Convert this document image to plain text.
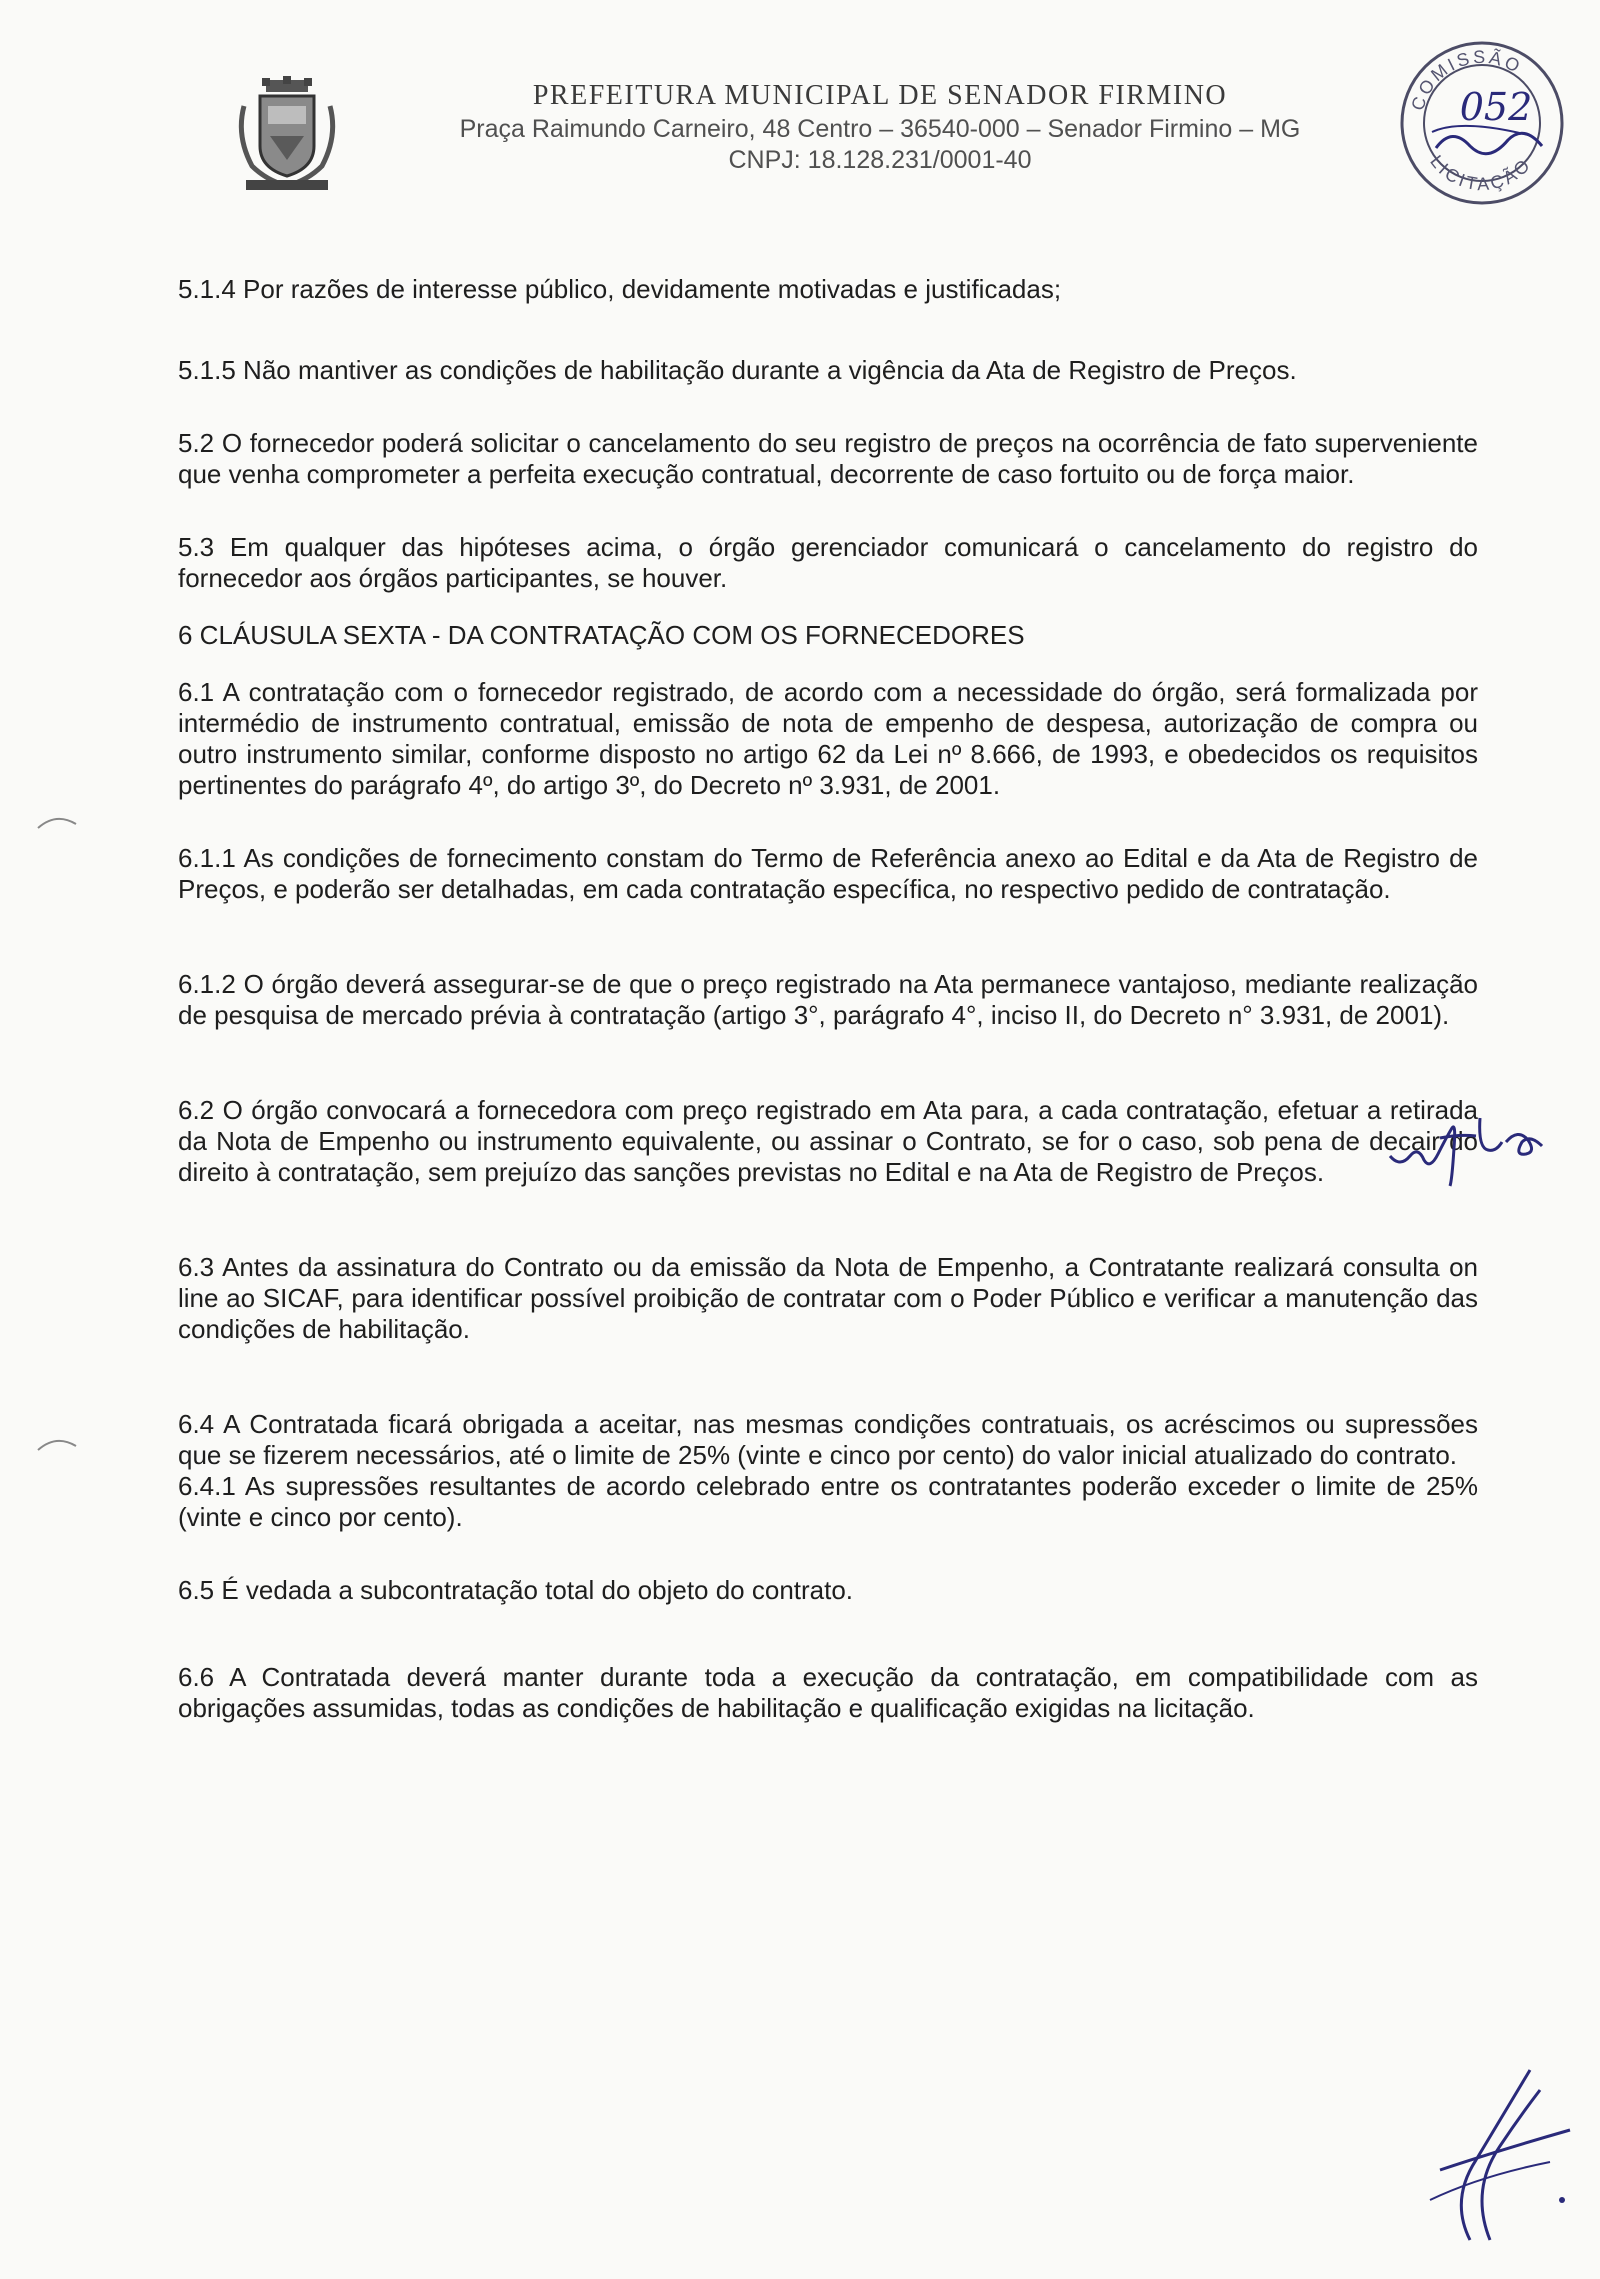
PREFEITURA MUNICIPAL DE SENADOR FIRMINO
Praça Raimundo Carneiro, 48 Centro – 36540-000 – Senador Firmino – MG
CNPJ: 18.128.231/0001-40
COMISSÃO
LICITAÇÃO
052

5.1.4 Por razões de interesse público, devidamente motivadas e justificadas;

5.1.5 Não mantiver as condições de habilitação durante a vigência da Ata de Registro de Preços.

5.2 O fornecedor poderá solicitar o cancelamento do seu registro de preços na ocorrência de fato superveniente que venha comprometer a perfeita execução contratual, decorrente de caso fortuito ou de força maior.

5.3 Em qualquer das hipóteses acima, o órgão gerenciador comunicará o cancelamento do registro do fornecedor aos órgãos participantes, se houver.

6 CLÁUSULA SEXTA - DA CONTRATAÇÃO COM OS FORNECEDORES

6.1 A contratação com o fornecedor registrado, de acordo com a necessidade do órgão, será formalizada por intermédio de instrumento contratual, emissão de nota de empenho de despesa, autorização de compra ou outro instrumento similar, conforme disposto no artigo 62 da Lei nº 8.666, de 1993, e obedecidos os requisitos pertinentes do parágrafo 4º, do artigo 3º, do Decreto nº 3.931, de 2001.

6.1.1 As condições de fornecimento constam do Termo de Referência anexo ao Edital e da Ata de Registro de Preços, e poderão ser detalhadas, em cada contratação específica, no respectivo pedido de contratação.

6.1.2 O órgão deverá assegurar-se de que o preço registrado na Ata permanece vantajoso, mediante realização de pesquisa de mercado prévia à contratação (artigo 3°, parágrafo 4°, inciso II, do Decreto n° 3.931, de 2001).

6.2 O órgão convocará a fornecedora com preço registrado em Ata para, a cada contratação, efetuar a retirada da Nota de Empenho ou instrumento equivalente, ou assinar o Contrato, se for o caso, sob pena de decair do direito à contratação, sem prejuízo das sanções previstas no Edital e na Ata de Registro de Preços.

6.3 Antes da assinatura do Contrato ou da emissão da Nota de Empenho, a Contratante realizará consulta on line ao SICAF, para identificar possível proibição de contratar com o Poder Público e verificar a manutenção das condições de habilitação.

6.4 A Contratada ficará obrigada a aceitar, nas mesmas condições contratuais, os acréscimos ou supressões que se fizerem necessários, até o limite de 25% (vinte e cinco por cento) do valor inicial atualizado do contrato.

6.4.1 As supressões resultantes de acordo celebrado entre os contratantes poderão exceder o limite de 25% (vinte e cinco por cento).

6.5 É vedada a subcontratação total do objeto do contrato.

6.6 A Contratada deverá manter durante toda a execução da contratação, em compatibilidade com as obrigações assumidas, todas as condições de habilitação e qualificação exigidas na licitação.
